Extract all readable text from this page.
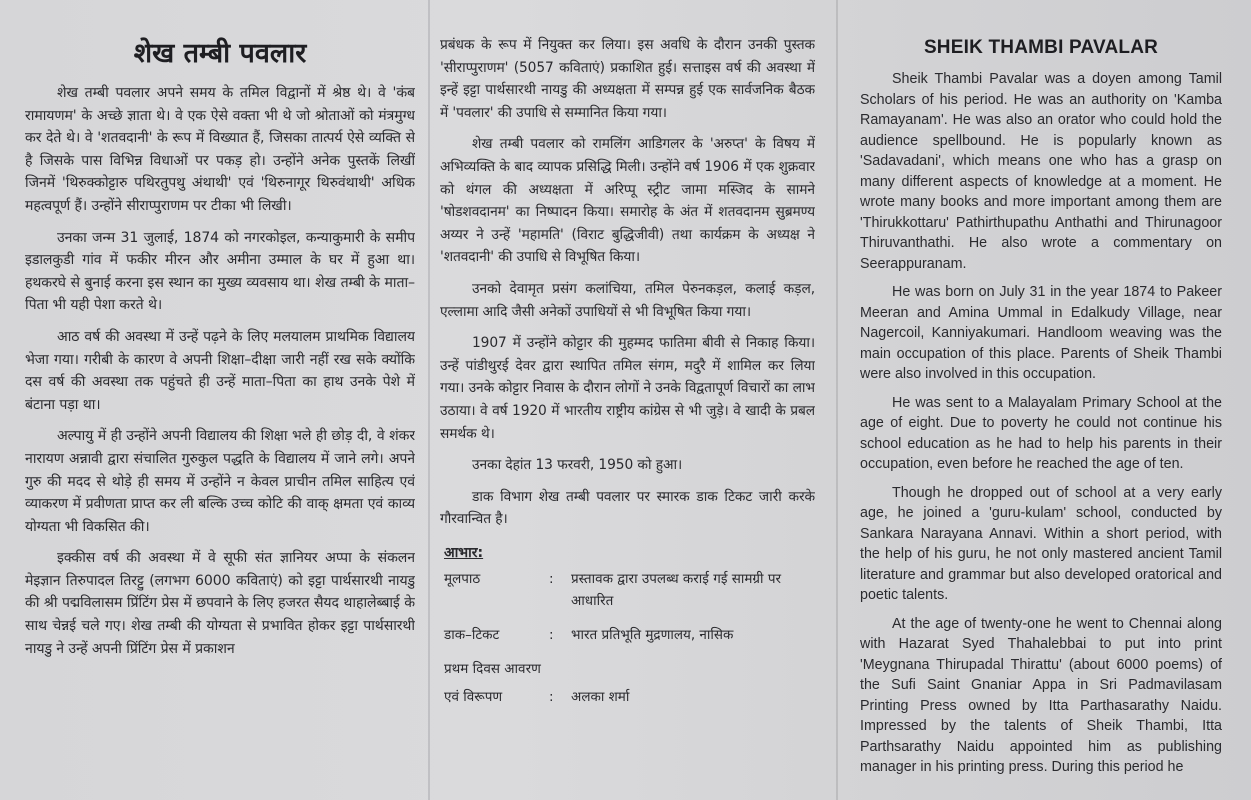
शेख तम्बी पवलार

शेख तम्बी पवलार अपने समय के तमिल विद्वानों में श्रेष्ठ थे। वे 'कंब रामायणम' के अच्छे ज्ञाता थे। वे एक ऐसे वक्ता भी थे जो श्रोताओं को मंत्रमुग्ध कर देते थे। वे 'शतवदानी' के रूप में विख्यात हैं, जिसका तात्पर्य ऐसे व्यक्ति से है जिसके पास विभिन्न विधाओं पर पकड़ हो। उन्होंने अनेक पुस्तकें लिखीं जिनमें 'थिरुक्कोट्टारु पथिरतुपथु अंथाथी' एवं 'थिरुनागूर थिरुवंथाथी' अधिक महत्वपूर्ण हैं। उन्होंने सीराप्पुराणम पर टीका भी लिखी।

उनका जन्म 31 जुलाई, 1874 को नगरकोइल, कन्याकुमारी के समीप इडालकुडी गांव में फकीर मीरन और अमीना उम्माल के घर में हुआ था। हथकरघे से बुनाई करना इस स्थान का मुख्य व्यवसाय था। शेख तम्बी के माता–पिता भी यही पेशा करते थे।

आठ वर्ष की अवस्था में उन्हें पढ़ने के लिए मलयालम प्राथमिक विद्यालय भेजा गया। गरीबी के कारण वे अपनी शिक्षा–दीक्षा जारी नहीं रख सके क्योंकि दस वर्ष की अवस्था तक पहुंचते ही उन्हें माता–पिता का हाथ उनके पेशे में बंटाना पड़ा था।

अल्पायु में ही उन्होंने अपनी विद्यालय की शिक्षा भले ही छोड़ दी, वे शंकर नारायण अन्नावी द्वारा संचालित गुरुकुल पद्धति के विद्यालय में जाने लगे। अपने गुरु की मदद से थोड़े ही समय में उन्होंने न केवल प्राचीन तमिल साहित्य एवं व्याकरण में प्रवीणता प्राप्त कर ली बल्कि उच्च कोटि की वाक् क्षमता एवं काव्य योग्यता भी विकसित की।

इक्कीस वर्ष की अवस्था में वे सूफी संत ज्ञानियर अप्पा के संकलन मेइज्ञान तिरुपादल तिरट्टु (लगभग 6000 कविताएं) को इट्टा पार्थसारथी नायडु की श्री पद्मविलासम प्रिंटिंग प्रेस में छपवाने के लिए हजरत सैयद थाहालेब्बाई के साथ चेन्नई चले गए। शेख तम्बी की योग्यता से प्रभावित होकर इट्टा पार्थसारथी नायडु ने उन्हें अपनी प्रिंटिंग प्रेस में प्रकाशन

प्रबंधक के रूप में नियुक्त कर लिया। इस अवधि के दौरान उनकी पुस्तक 'सीराप्पुराणम' (5057 कविताएं) प्रकाशित हुई। सत्ताइस वर्ष की अवस्था में इन्हें इट्टा पार्थसारथी नायडु की अध्यक्षता में सम्पन्न हुई एक सार्वजनिक बैठक में 'पवलार' की उपाधि से सम्मानित किया गया।

शेख तम्बी पवलार को रामलिंग आडिगलर के 'अरुप्त' के विषय में अभिव्यक्ति के बाद व्यापक प्रसिद्धि मिली। उन्होंने वर्ष 1906 में एक शुक्रवार को थंगल की अध्यक्षता में अरिप्पू स्ट्रीट जामा मस्जिद के सामने 'षोडशवदानम' का निष्पादन किया। समारोह के अंत में शतवदानम सुब्रमण्य अय्यर ने उन्हें 'महामति' (विराट बुद्धिजीवी) तथा कार्यक्रम के अध्यक्ष ने 'शतवदानी' की उपाधि से विभूषित किया।

उनको देवामृत प्रसंग कलांचिया, तमिल पेरुनकड़ल, कलाई कड़ल, एल्लामा आदि जैसी अनेकों उपाधियों से भी विभूषित किया गया।

1907 में उन्होंने कोट्टार की मुहम्मद फातिमा बीवी से निकाह किया। उन्हें पांडीथुरई देवर द्वारा स्थापित तमिल संगम, मदुरै में शामिल कर लिया गया। उनके कोट्टार निवास के दौरान लोगों ने उनके विद्वतापूर्ण विचारों का लाभ उठाया। वे वर्ष 1920 में भारतीय राष्ट्रीय कांग्रेस से भी जुड़े। वे खादी के प्रबल समर्थक थे।

उनका देहांत 13 फरवरी, 1950 को हुआ।

डाक विभाग शेख तम्बी पवलार पर स्मारक डाक टिकट जारी करके गौरवान्वित है।

आभार:
मूलपाठ	:	प्रस्तावक द्वारा उपलब्ध कराई गई सामग्री पर आधारित
डाक–टिकट	:	भारत प्रतिभूति मुद्रणालय, नासिक
प्रथम दिवस आवरण
एवं विरूपण	:	अलका शर्मा
SHEIK THAMBI PAVALAR

Sheik Thambi Pavalar was a doyen among Tamil Scholars of his period. He was an authority on 'Kamba Ramayanam'. He was also an orator who could hold the audience spellbound. He is popularly known as 'Sadavadani', which means one who has a grasp on many different aspects of knowledge at a moment. He wrote many books and more important among them are 'Thirukkottaru' Pathirthupathu Anthathi and Thirunagoor Thiruvanthathi. He also wrote a commentary on Seerappuranam.

He was born on July 31 in the year 1874 to Pakeer Meeran and Amina Ummal in Edalkudy Village, near Nagercoil, Kanniyakumari. Handloom weaving was the main occupation of this place. Parents of Sheik Thambi were also involved in this occupation.

He was sent to a Malayalam Primary School at the age of eight. Due to poverty he could not continue his school education as he had to help his parents in their occupation, even before he reached the age of ten.

Though he dropped out of school at a very early age, he joined a 'guru-kulam' school, conducted by Sankara Narayana Annavi. Within a short period, with the help of his guru, he not only mastered ancient Tamil literature and grammar but also developed oratorical and poetic talents.

At the age of twenty-one he went to Chennai along with Hazarat Syed Thahalebbai to put into print 'Meygnana Thirupadal Thirattu' (about 6000 poems) of the Sufi Saint Gnaniar Appa in Sri Padmavilasam Printing Press owned by Itta Parthasarathy Naidu. Impressed by the talents of Sheik Thambi, Itta Parthsarathy Naidu appointed him as publishing manager in his printing press. During this period he
